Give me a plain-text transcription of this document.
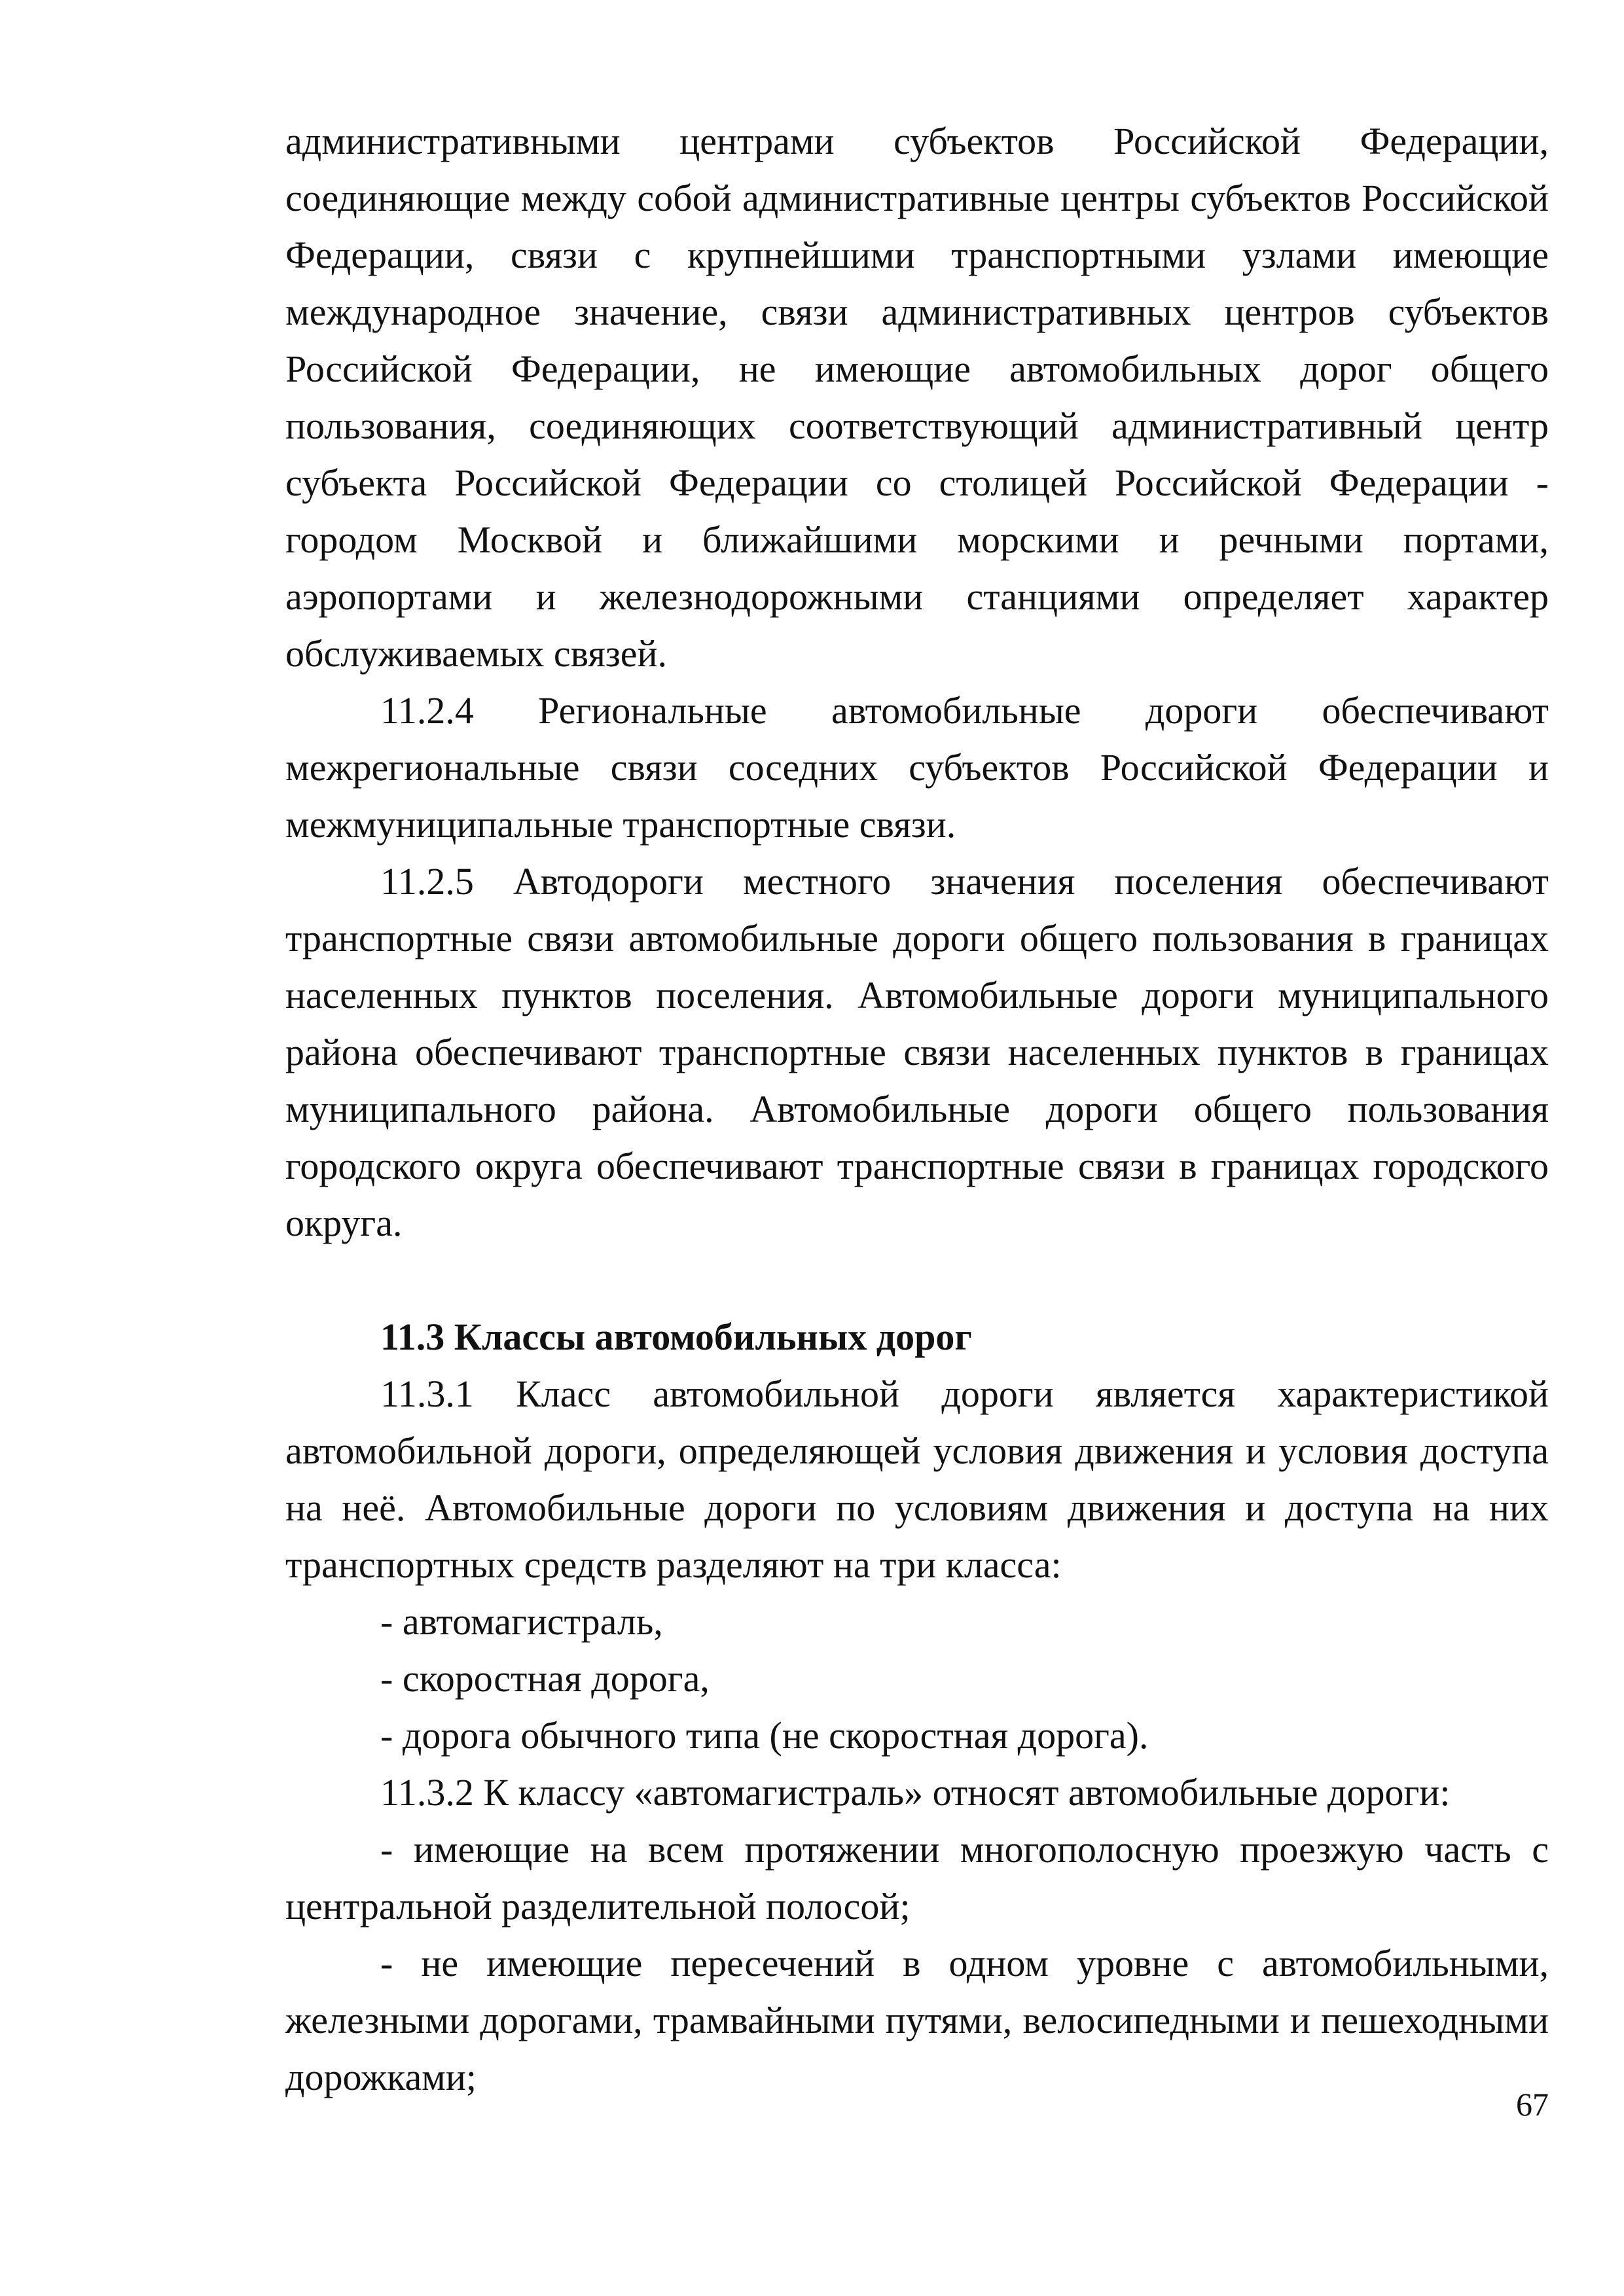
административными центрами субъектов Российской Федерации, соединяющие между собой административные центры субъектов Российской Федерации, связи с крупнейшими транспортными узлами имеющие международное значение, связи административных центров субъектов Российской Федерации, не имеющие автомобильных дорог общего пользования, соединяющих соответствующий административный центр субъекта Российской Федерации со столицей Российской Федерации - городом Москвой и ближайшими морскими и речными портами, аэропортами и железнодорожными станциями определяет характер обслуживаемых связей.

11.2.4 Региональные автомобильные дороги обеспечивают межрегиональные связи соседних субъектов Российской Федерации и межмуниципальные транспортные связи.

11.2.5 Автодороги местного значения поселения обеспечивают транспортные связи автомобильные дороги общего пользования в границах населенных пунктов поселения. Автомобильные дороги муниципального района обеспечивают транспортные связи населенных пунктов в границах муниципального района. Автомобильные дороги общего пользования городского округа обеспечивают транспортные связи в границах городского округа.

11.3 Классы автомобильных дорог

11.3.1 Класс автомобильной дороги является характеристикой автомобильной дороги, определяющей условия движения и условия доступа на неё. Автомобильные дороги по условиям движения и доступа на них транспортных средств разделяют на три класса:

- автомагистраль,

- скоростная дорога,

- дорога обычного типа (не скоростная дорога).

11.3.2 К классу «автомагистраль» относят автомобильные дороги:

- имеющие на всем протяжении многополосную проезжую часть с центральной разделительной полосой;

- не имеющие пересечений в одном уровне с автомобильными, железными дорогами, трамвайными путями, велосипедными и пешеходными дорожками;

67
